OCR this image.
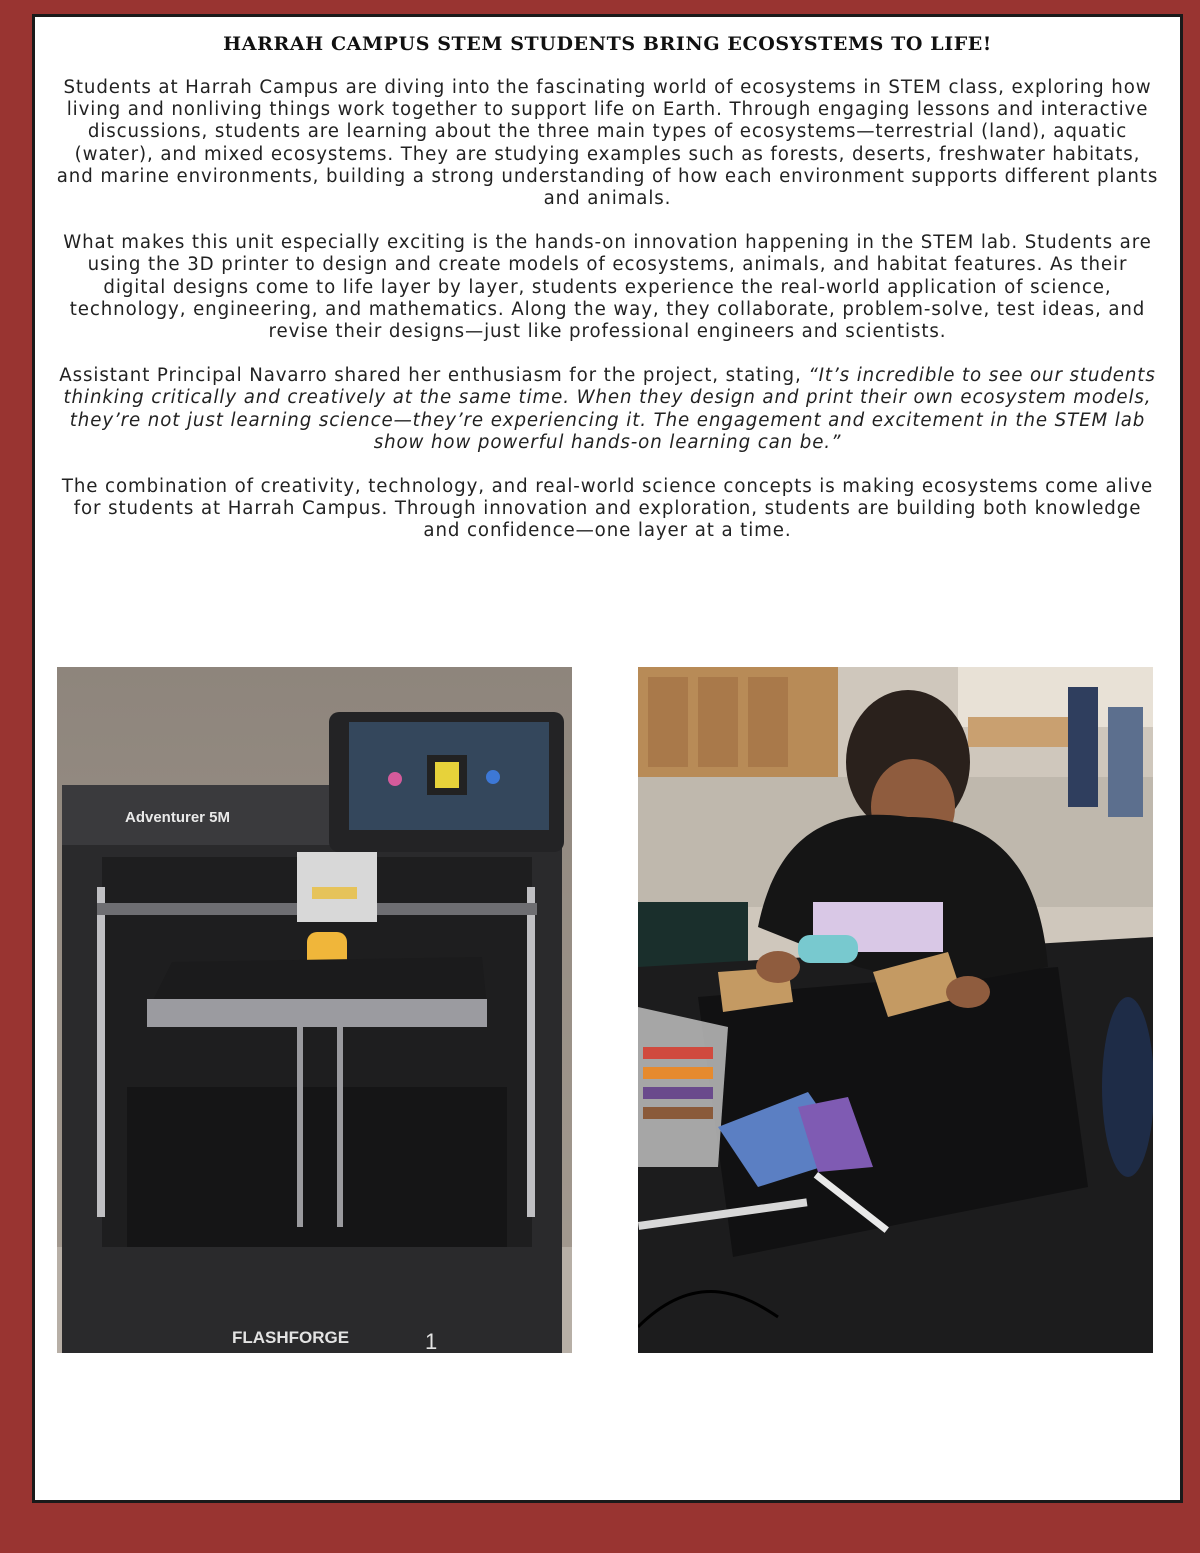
HARRAH CAMPUS STEM STUDENTS BRING ECOSYSTEMS TO LIFE!

Students at Harrah Campus are diving into the fascinating world of ecosystems in STEM class, exploring how living and nonliving things work together to support life on Earth. Through engaging lessons and interactive discussions, students are learning about the three main types of ecosystems—terrestrial (land), aquatic (water), and mixed ecosystems. They are studying examples such as forests, deserts, freshwater habitats, and marine environments, building a strong understanding of how each environment supports different plants and animals.

What makes this unit especially exciting is the hands-on innovation happening in the STEM lab. Students are using the 3D printer to design and create models of ecosystems, animals, and habitat features. As their digital designs come to life layer by layer, students experience the real-world application of science, technology, engineering, and mathematics. Along the way, they collaborate, problem-solve, test ideas, and revise their designs—just like professional engineers and scientists.

Assistant Principal Navarro shared her enthusiasm for the project, stating, “It’s incredible to see our students thinking critically and creatively at the same time. When they design and print their own ecosystem models, they’re not just learning science—they’re experiencing it. The engagement and excitement in the STEM lab show how powerful hands-on learning can be.”

The combination of creativity, technology, and real-world science concepts is making ecosystems come alive for students at Harrah Campus. Through innovation and exploration, students are building both knowledge and confidence—one layer at a time.

Adventurer 5M
FLASHFORGE	1
